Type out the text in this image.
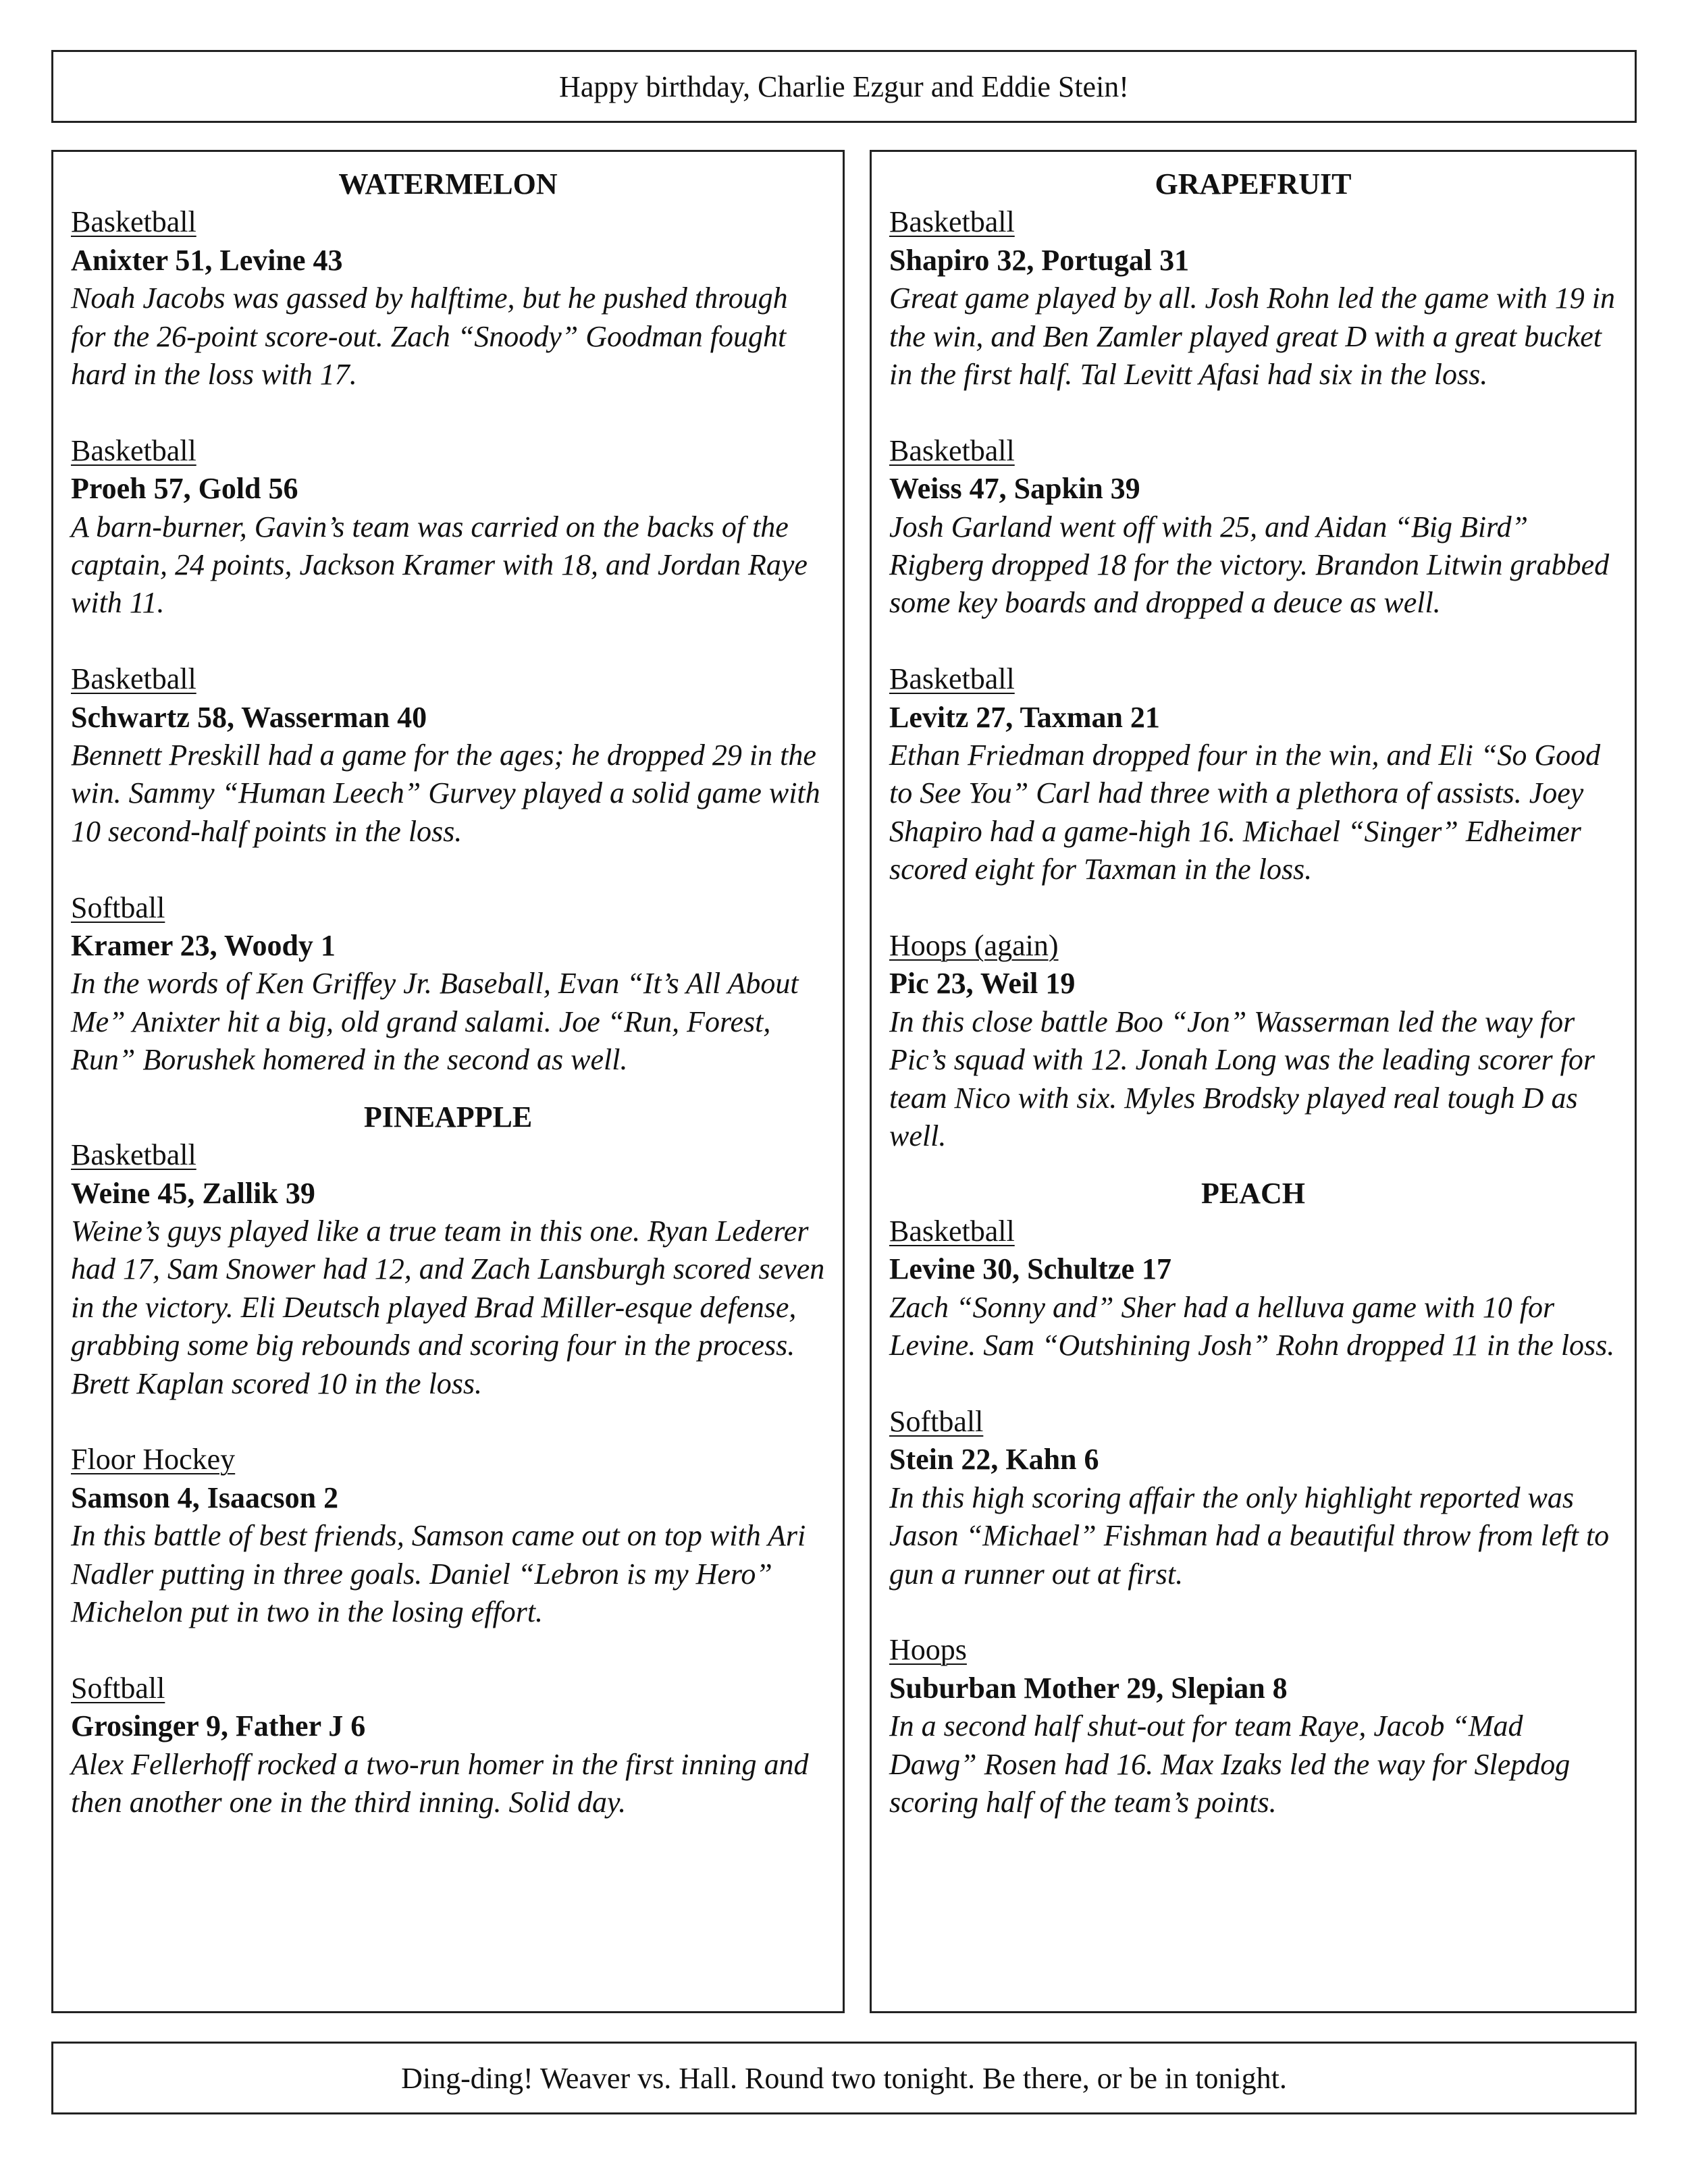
Happy birthday, Charlie Ezgur and Eddie Stein!
WATERMELON
Basketball
Anixter 51, Levine 43
Noah Jacobs was gassed by halftime, but he pushed through for the 26-point score-out. Zach “Snoody” Goodman fought hard in the loss with 17.
Basketball
Proeh 57, Gold 56
A barn-burner, Gavin’s team was carried on the backs of the captain, 24 points, Jackson Kramer with 18, and Jordan Raye with 11.
Basketball
Schwartz 58, Wasserman 40
Bennett Preskill had a game for the ages; he dropped 29 in the win. Sammy “Human Leech” Gurvey played a solid game with 10 second-half points in the loss.
Softball
Kramer 23, Woody 1
In the words of Ken Griffey Jr. Baseball, Evan “It’s All About Me” Anixter hit a big, old grand salami. Joe “Run, Forest, Run” Borushek homered in the second as well.
PINEAPPLE
Basketball
Weine 45, Zallik 39
Weine’s guys played like a true team in this one. Ryan Lederer had 17, Sam Snower had 12, and Zach Lansburgh scored seven in the victory. Eli Deutsch played Brad Miller-esque defense, grabbing some big rebounds and scoring four in the process. Brett Kaplan scored 10 in the loss.
Floor Hockey
Samson 4, Isaacson 2
In this battle of best friends, Samson came out on top with Ari Nadler putting in three goals. Daniel “Lebron is my Hero” Michelon put in two in the losing effort.
Softball
Grosinger 9, Father J 6
Alex Fellerhoff rocked a two-run homer in the first inning and then another one in the third inning. Solid day.
GRAPEFRUIT
Basketball
Shapiro 32, Portugal 31
Great game played by all. Josh Rohn led the game with 19 in the win, and Ben Zamler played great D with a great bucket in the first half. Tal Levitt Afasi had six in the loss.
Basketball
Weiss 47, Sapkin 39
Josh Garland went off with 25, and Aidan “Big Bird” Rigberg dropped 18 for the victory. Brandon Litwin grabbed some key boards and dropped a deuce as well.
Basketball
Levitz 27, Taxman 21
Ethan Friedman dropped four in the win, and Eli “So Good to See You” Carl had three with a plethora of assists. Joey Shapiro had a game-high 16. Michael “Singer” Edheimer scored eight for Taxman in the loss.
Hoops (again)
Pic 23, Weil 19
In this close battle Boo “Jon” Wasserman led the way for Pic’s squad with 12. Jonah Long was the leading scorer for team Nico with six. Myles Brodsky played real tough D as well.
PEACH
Basketball
Levine 30, Schultze 17
Zach “Sonny and” Sher had a helluva game with 10 for Levine. Sam “Outshining Josh” Rohn dropped 11 in the loss.
Softball
Stein 22, Kahn 6
In this high scoring affair the only highlight reported was Jason “Michael” Fishman had a beautiful throw from left to gun a runner out at first.
Hoops
Suburban Mother 29, Slepian 8
In a second half shut-out for team Raye, Jacob “Mad Dawg” Rosen had 16. Max Izaks led the way for Slepdog scoring half of the team’s points.
Ding-ding! Weaver vs. Hall. Round two tonight. Be there, or be in tonight.
